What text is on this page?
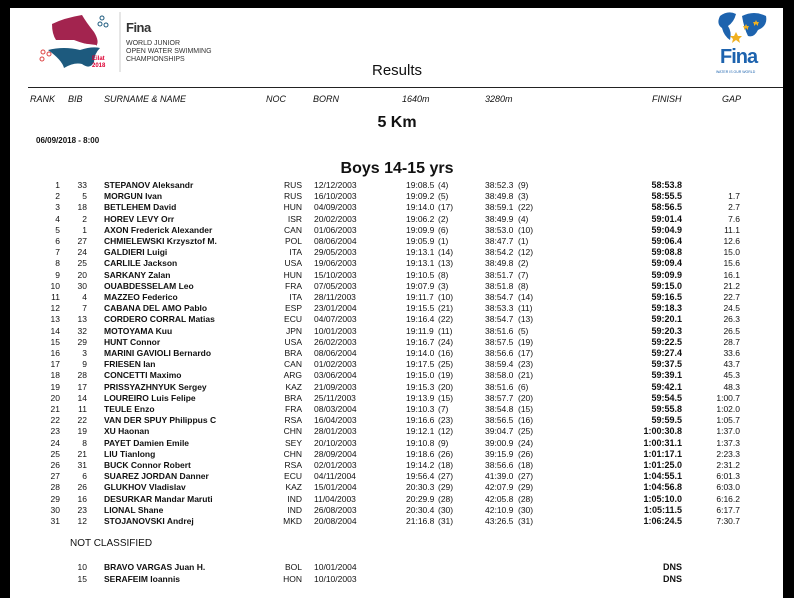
Eilat
2018
Fina
WORLD JUNIOR
OPEN WATER SWIMMING
CHAMPIONSHIPS	Fina
WATER IS OUR WORLD
Results
RANK BIB SURNAME & NAME	NOC	BORN	1640m	3280m	FINISH	GAP
5 Km
06/09/2018 - 8:00
Boys 14-15 yrs
1	33 STEPANOV Aleksandr	RUS 12/12/2003	19:08.5 (4)	38:52.3 (9)	58:53.8
2	5 MORGUN Ivan	RUS 16/10/2003	19:09.2 (5)	38:49.8 (3)	58:55.5	1.7
3	18 BETLEHEM David	HUN 04/09/2003	19:14.0 (17)	38:59.1 (22)	58:56.5	2.7
4	2 HOREV LEVY Orr	ISR 20/02/2003	19:06.2 (2)	38:49.9 (4)	59:01.4	7.6
5	1 AXON Frederick Alexander	CAN 01/06/2003	19:09.9 (6)	38:53.0 (10)	59:04.9	11.1
6	27 CHMIELEWSKI Krzysztof M.	POL 08/06/2004	19:05.9 (1)	38:47.7 (1)	59:06.4	12.6
7	24 GALDIERI Luigi	ITA 29/05/2003	19:13.1 (14)	38:54.2 (12)	59:08.8	15.0
8	25 CARLILE Jackson	USA 19/06/2003	19:13.1 (13)	38:49.8 (2)	59:09.4	15.6
9	20 SARKANY Zalan	HUN 15/10/2003	19:10.5 (8)	38:51.7 (7)	59:09.9	16.1
10	30 OUABDESSELAM Leo	FRA 07/05/2003	19:07.9 (3)	38:51.8 (8)	59:15.0	21.2
11	4 MAZZEO Federico	ITA 28/11/2003	19:11.7 (10)	38:54.7 (14)	59:16.5	22.7
12	7 CABANA DEL AMO Pablo	ESP 23/01/2004	19:15.5 (21)	38:53.3 (11)	59:18.3	24.5
13	13 CORDERO CORRAL Matias	ECU 04/07/2003	19:16.4 (22)	38:54.7 (13)	59:20.1	26.3
14	32 MOTOYAMA Kuu	JPN 10/01/2003	19:11.9 (11)	38:51.6 (5)	59:20.3	26.5
15	29 HUNT Connor	USA 26/02/2003	19:16.7 (24)	38:57.5 (19)	59:22.5	28.7
16	3 MARINI GAVIOLI Bernardo	BRA 08/06/2004	19:14.0 (16)	38:56.6 (17)	59:27.4	33.6
17	9 FRIESEN Ian	CAN 01/02/2003	19:17.5 (25)	38:59.4 (23)	59:37.5	43.7
18	28 CONCETTI Maximo	ARG 03/06/2004	19:15.0 (19)	38:58.0 (21)	59:39.1	45.3
19	17 PRISSYAZHNYUK Sergey	KAZ 21/09/2003	19:15.3 (20)	38:51.6 (6)	59:42.1	48.3
20	14 LOUREIRO Luis Felipe	BRA 25/11/2003	19:13.9 (15)	38:57.7 (20)	59:54.5	1:00.7
21	11 TEULE Enzo	FRA 08/03/2004	19:10.3 (7)	38:54.8 (15)	59:55.8	1:02.0
22	22 VAN DER SPUY Philippus C	RSA 16/04/2003	19:16.6 (23)	38:56.5 (16)	59:59.5	1:05.7
23	19 XU Haonan	CHN 28/01/2003	19:12.1 (12)	39:04.7 (25)	1:00:30.8	1:37.0
24	8 PAYET Damien Emile	SEY 20/10/2003	19:10.8 (9)	39:00.9 (24)	1:00:31.1	1:37.3
25	21 LIU Tianlong	CHN 28/09/2004	19:18.6 (26)	39:15.9 (26)	1:01:17.1	2:23.3
26	31 BUCK Connor Robert	RSA 02/01/2003	19:14.2 (18)	38:56.6 (18)	1:01:25.0	2:31.2
27	6 SUAREZ JORDAN Danner	ECU 04/11/2004	19:56.4 (27)	41:39.0 (27)	1:04:55.1	6:01.3
28	26 GLUKHOV Vladislav	KAZ 15/01/2004	20:30.3 (29)	42:07.9 (29)	1:04:56.8	6:03.0
29	16 DESURKAR Mandar Maruti	IND 11/04/2003	20:29.9 (28)	42:05.8 (28)	1:05:10.0	6:16.2
30	23 LIONAL Shane	IND 26/08/2003	20:30.4 (30)	42:10.9 (30)	1:05:11.5	6:17.7
31	12 STOJANOVSKI Andrej	MKD 20/08/2004	21:16.8 (31)	43:26.5 (31)	1:06:24.5	7:30.7
NOT CLASSIFIED
10 BRAVO VARGAS Juan H.	BOL 10/01/2004	DNS
15 SERAFEIM Ioannis	HON 10/10/2003	DNS
